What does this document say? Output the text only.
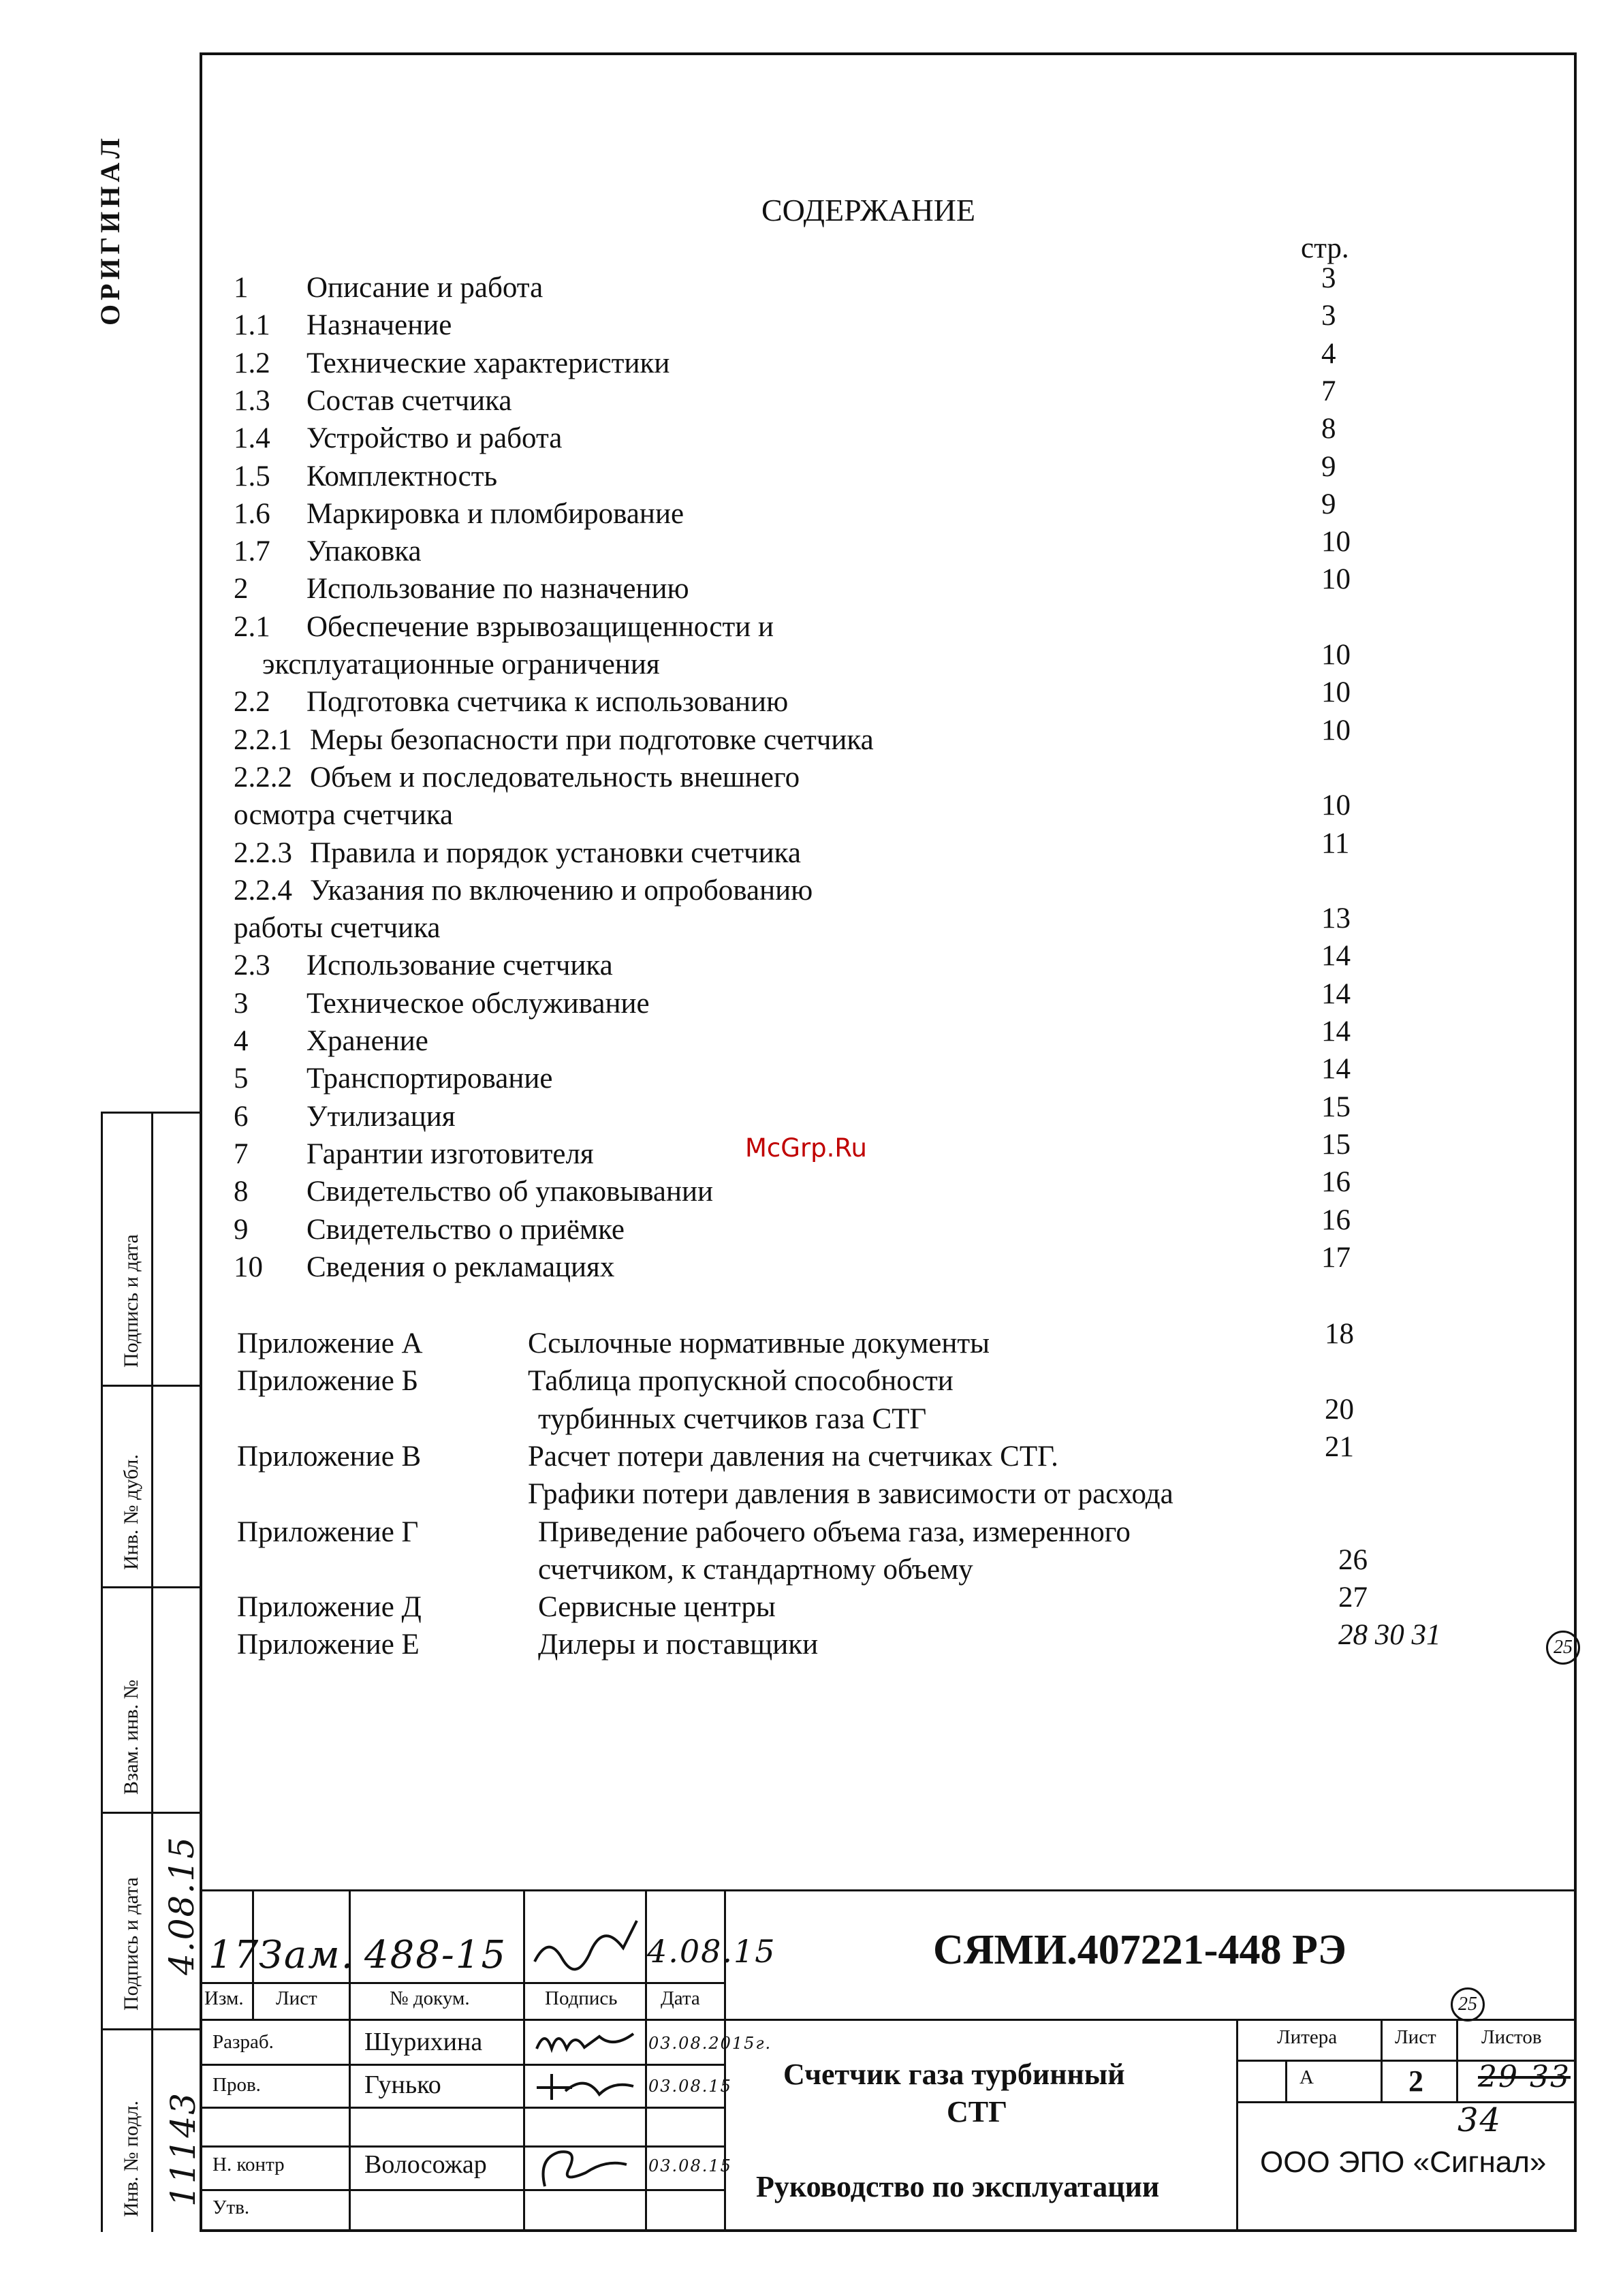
ОРИГИНАЛ	СОДЕРЖАНИЕ
стр.
1 Описание и работа	3
1.1 Назначение	3
1.2 Технические характеристики	4
1.3 Состав счетчика	7
1.4 Устройство и работа	8
1.5 Комплектность	9
1.6 Маркировка и пломбирование	9
1.7 Упаковка	10
2 Использование по назначению	10
2.1 Обеспечение взрывозащищенности и
эксплуатационные ограничения	10
2.2 Подготовка счетчика к использованию	10
2.2.1 Меры безопасности при подготовке счетчика	10
2.2.2 Объем и последовательность внешнего
осмотра счетчика	10
2.2.3 Правила и порядок установки счетчика	11
2.2.4 Указания по включению и опробованию
работы счетчика	13
2.3 Использование счетчика	14
3 Техническое обслуживание	14
4 Хранение	14
5 Транспортирование	14
6 Утилизация	15
7 Гарантии изготовителя	15
8 Свидетельство об упаковывании	16
9 Свидетельство о приёмке	16
10 Сведения о рекламациях	17
Приложение А	Ссылочные нормативные документы	18
Приложение Б	Таблица пропускной способности
турбинных счетчиков газа СТГ	20
Приложение В	Расчет потери давления на счетчиках СТГ.	21
Графики потери давления в зависимости от расхода
Приложение Г	Приведение рабочего объема газа, измеренного
счетчиком, к стандартному объему	26
Приложение Д	Сервисные центры	27
Приложение Е	Дилеры и поставщики	28 30 31
McGrp.Ru
25
Подпись и дата
Инв. № дубл.
Взам. инв. №
Подпись и дата
Инв. № подл.
4.08.15
11143
17
Зам. 488-15	4.08.15
Изм. Лист	№ докум.	Подпись Дата
Разраб.	Шурихина	03.08.2015г.
Пров.	Гунько	03.08.15
Н. контр	Волосожар	03.08.15
Утв.
СЯМИ.407221-448 РЭ
Счетчик газа турбинный
СТГ
Руководство по эксплуатации
Литера	Лист Листов
А	2 29 33
34
25
ООО ЭПО «Сигнал»
